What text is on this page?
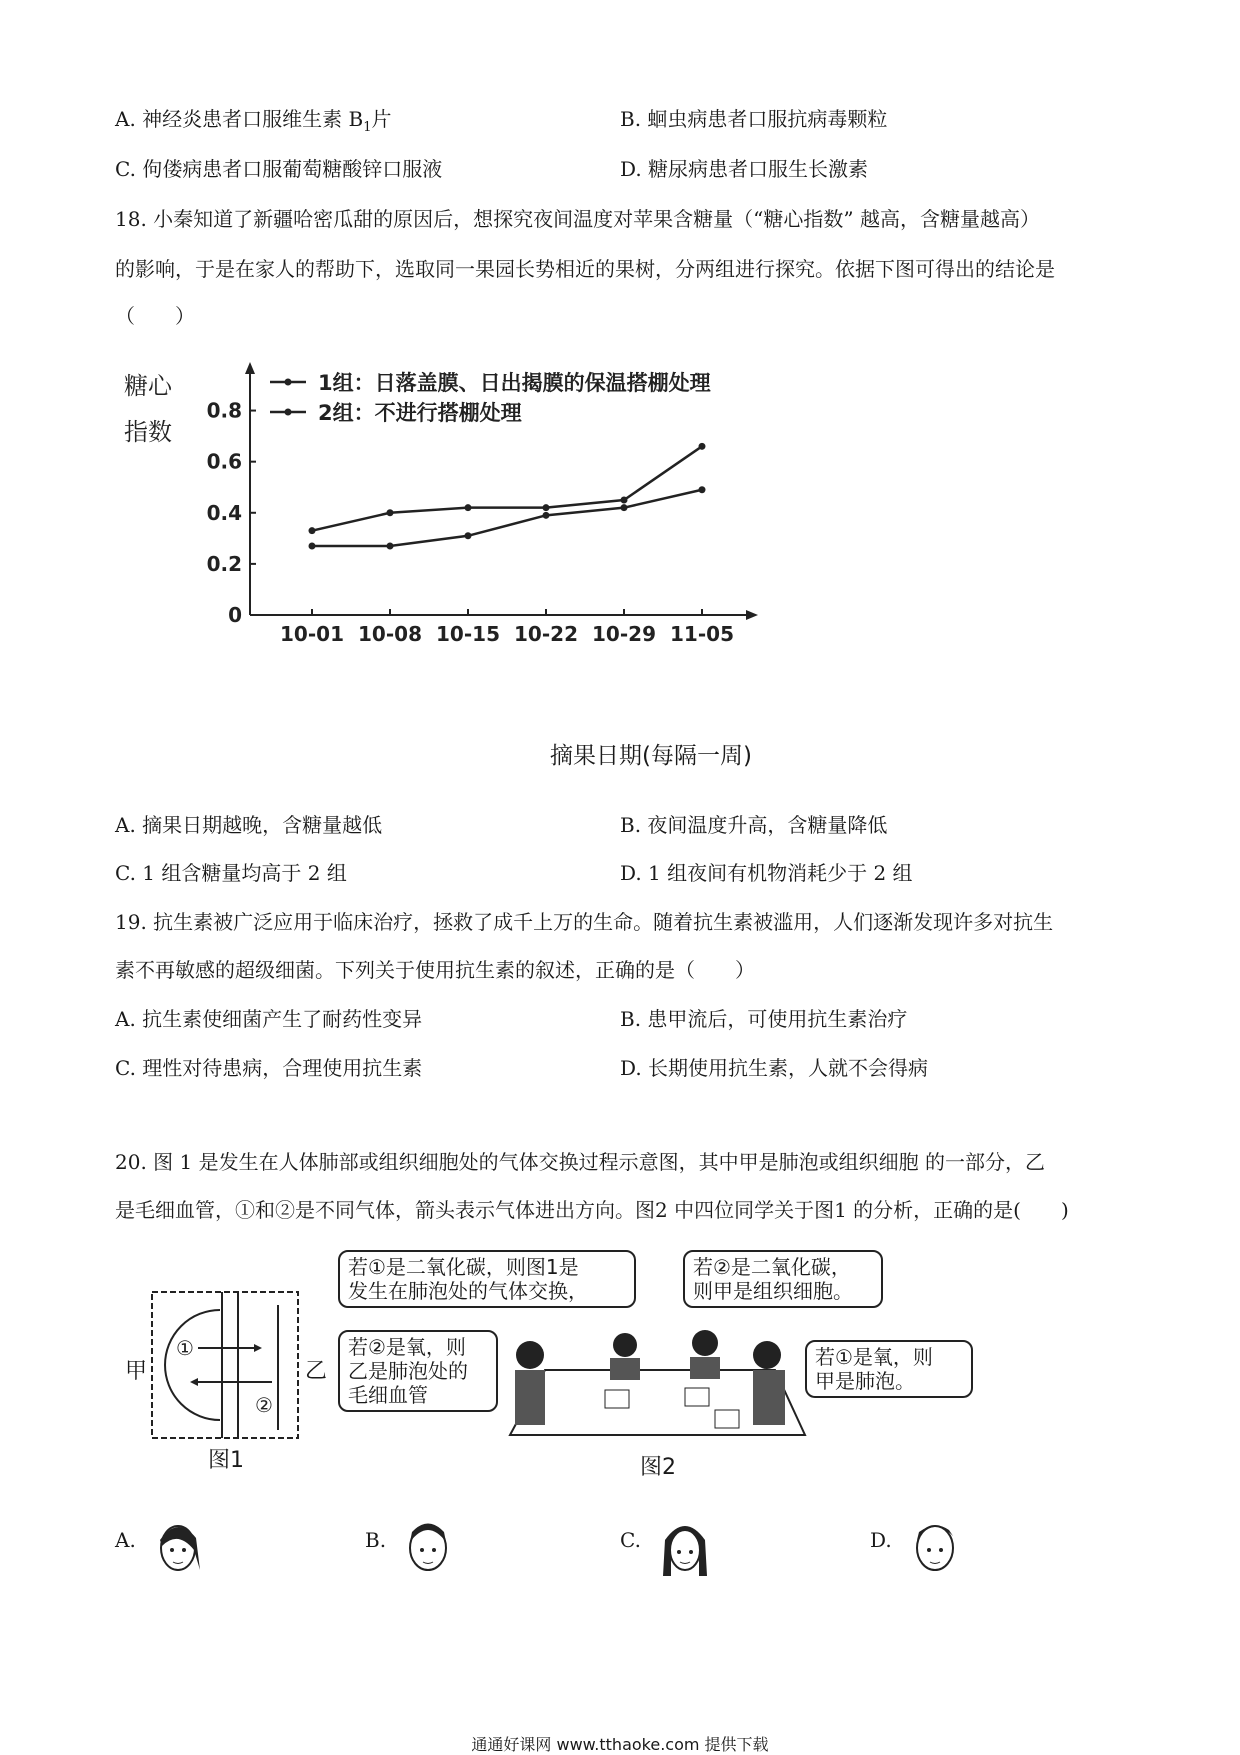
A. 神经炎患者口服维生素 $B_1$片	B. 蛔虫病患者口服抗病毒颗粒
C. 佝偻病患者口服葡萄糖酸锌口服液	D. 糖尿病患者口服生长激素
18. 小秦知道了新疆哈密瓜甜的原因后，想探究夜间温度对苹果含糖量（“糖心指数” 越高，含糖量越高）
的影响，于是在家人的帮助下，选取同一果园长势相近的果树，分两组进行探究。依据下图可得出的结论是
（　　）
糖心
指数
0
0.2
0.4
0.6
0.8
10-01 10-08 10-15 10-22 10-29 11-05
1组：日落盖膜、日出揭膜的保温搭棚处理
2组：不进行搭棚处理
摘果日期(每隔一周)
A. 摘果日期越晚，含糖量越低	B. 夜间温度升高，含糖量降低
C. 1 组含糖量均高于 2 组	D. 1 组夜间有机物消耗少于 2 组
19. 抗生素被广泛应用于临床治疗，拯救了成千上万的生命。随着抗生素被滥用，人们逐渐发现许多对抗生
素不再敏感的超级细菌。下列关于使用抗生素的叙述，正确的是（　　）
A. 抗生素使细菌产生了耐药性变异	B. 患甲流后，可使用抗生素治疗
C. 理性对待患病，合理使用抗生素	D. 长期使用抗生素，人就不会得病
20. 图 1 是发生在人体肺部或组织细胞处的气体交换过程示意图，其中甲是肺泡或组织细胞 的一部分，乙
是毛细血管，①和②是不同气体，箭头表示气体进出方向。图2 中四位同学关于图1 的分析，正确的是(　　)
①
②
甲	乙
图1
若①是二氧化碳，则图1是
发生在肺泡处的气体交换，
若②是二氧化碳，
则甲是组织细胞。
若②是氧，则
乙是肺泡处的
毛细血管
若①是氧，则
甲是肺泡。
图2
A.	B.	C.	D.
通通好课网 www.tthaoke.com 提供下载
